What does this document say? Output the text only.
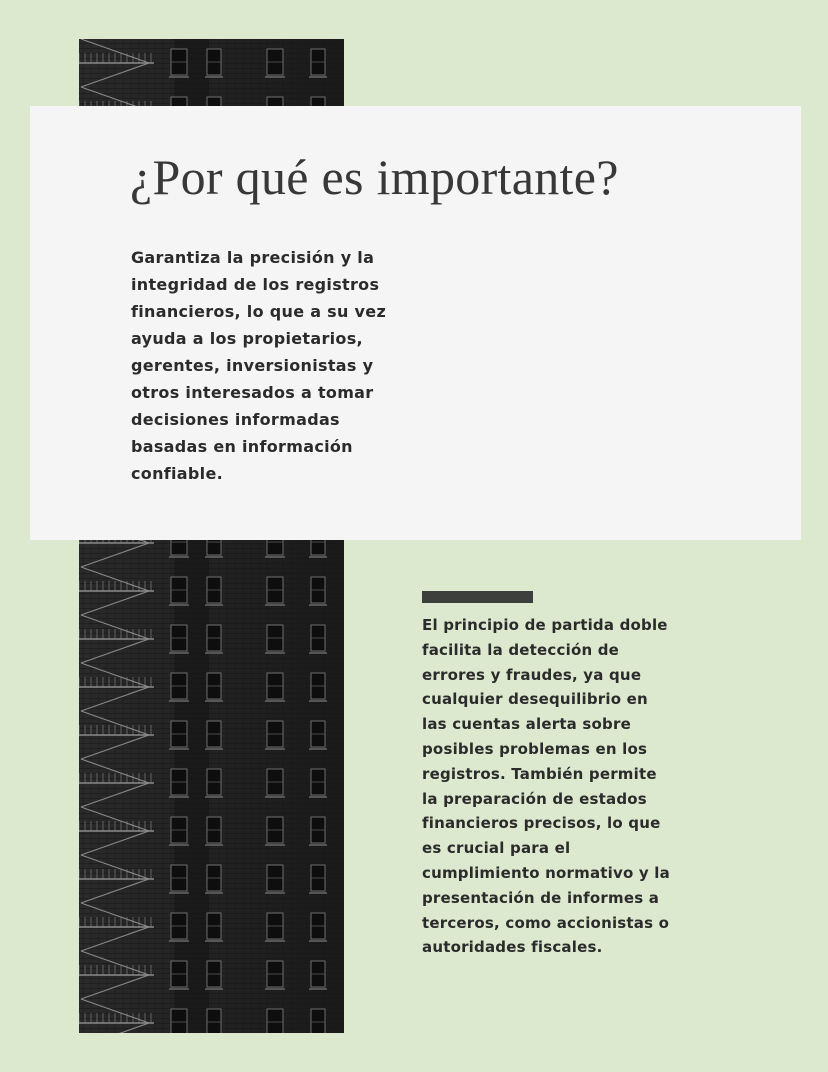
¿Por qué es importante?

Garantiza la precisión y la integridad de los registros financieros, lo que a su vez ayuda a los propietarios, gerentes, inversionistas y otros interesados a tomar decisiones informadas basadas en información confiable.

El principio de partida doble facilita la detección de errores y fraudes, ya que cualquier desequilibrio en las cuentas alerta sobre posibles problemas en los registros. También permite la preparación de estados financieros precisos, lo que es crucial para el cumplimiento normativo y la presentación de informes a terceros, como accionistas o autoridades fiscales.
